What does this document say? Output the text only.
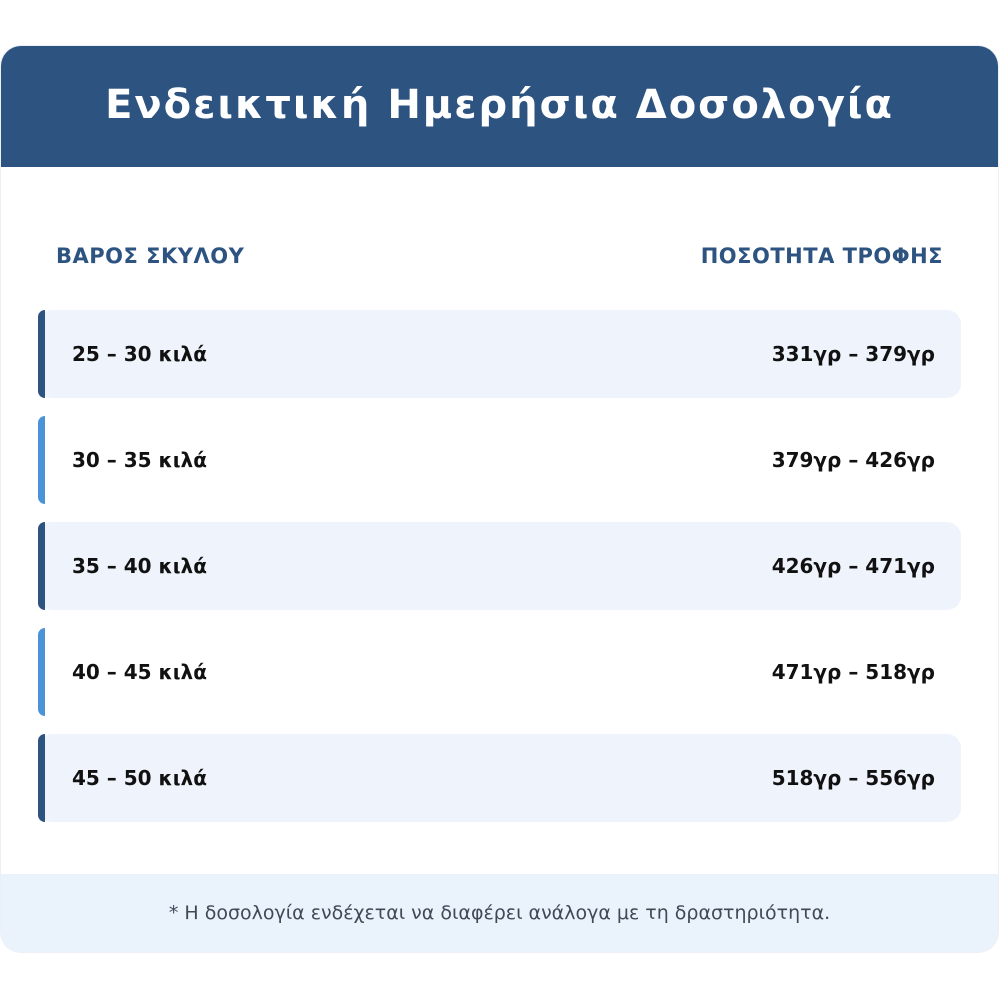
Ενδεικτική Ημερήσια Δοσολογία
ΒΑΡΟΣ ΣΚΥΛΟΥ	ΠΟΣΟΤΗΤΑ ΤΡΟΦΗΣ
25 – 30 κιλά	331γρ – 379γρ
30 – 35 κιλά	379γρ – 426γρ
35 – 40 κιλά	426γρ – 471γρ
40 – 45 κιλά	471γρ – 518γρ
45 – 50 κιλά	518γρ – 556γρ
* Η δοσολογία ενδέχεται να διαφέρει ανάλογα με τη δραστηριότητα.
